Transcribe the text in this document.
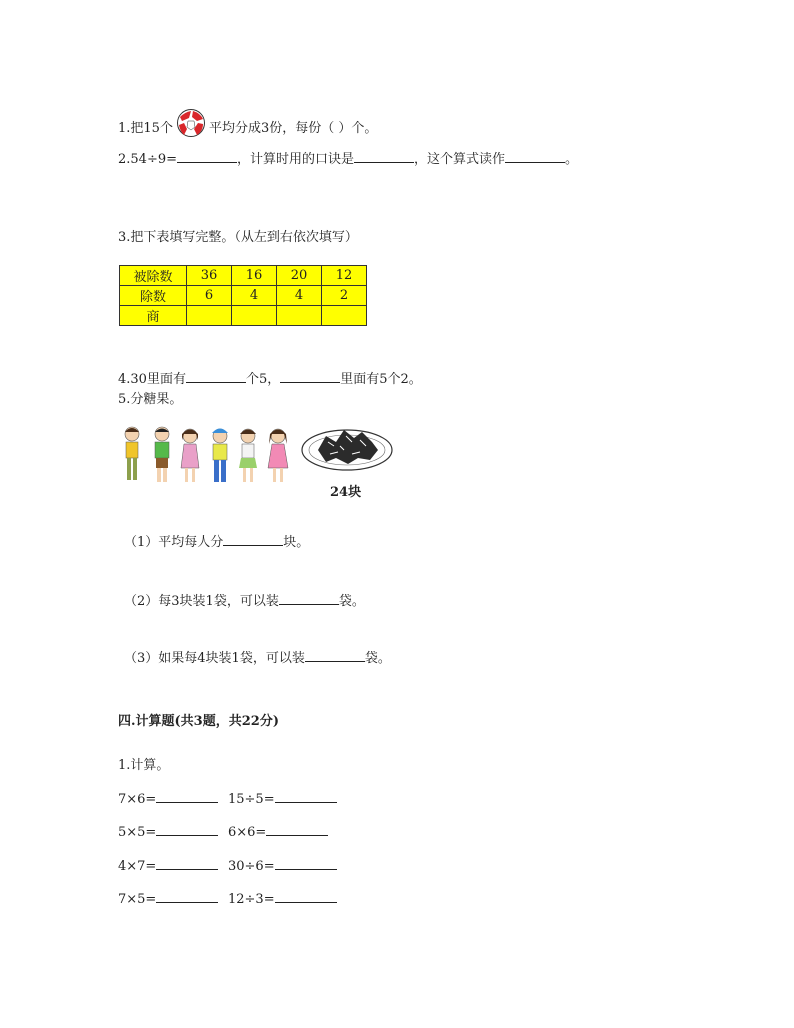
1.把15个	平均分成3份，每份（ ）个。
2.54÷9=	，计算时用的口诀是	，这个算式读作	。
3.把下表填写完整。（从左到右依次填写）
被除数	36	16	20	12
除数	6	4	4	2
商				
4.30里面有	个5，	里面有5个2。
5.分糖果。
24块
（1）平均每人分	块。
（2）每3块装1袋，可以装	袋。
（3）如果每4块装1袋，可以装	袋。
四.计算题(共3题，共22分)
1.计算。
7×6=	15÷5=
5×5=	6×6=
4×7=	30÷6=
7×5=	12÷3=
